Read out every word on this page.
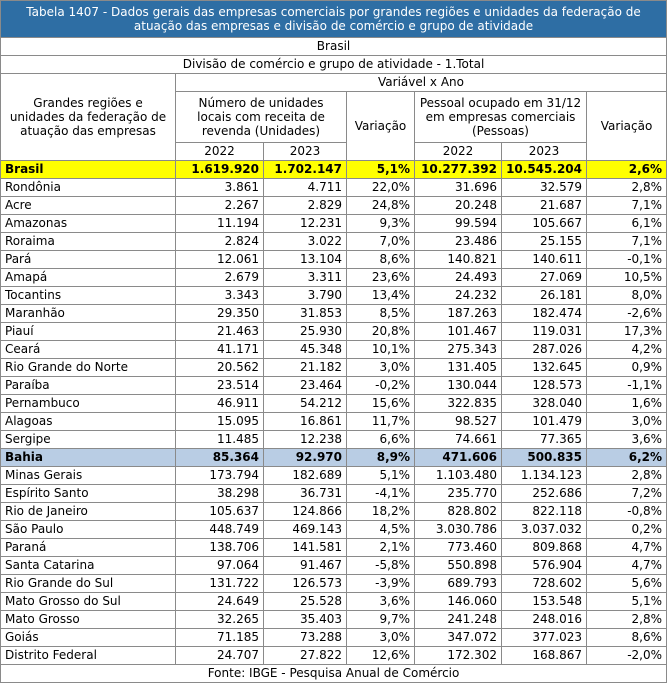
Tabela 1407 - Dados gerais das empresas comerciais por grandes regiões e unidades da federação de atuação das empresas e divisão de comércio e grupo de atividade						
Brasil						
Divisão de comércio e grupo de atividade - 1.Total						
Grandes regiões e unidades da federação de atuação das empresas	Variável x Ano					
	Número de unidades locais com receita de revenda (Unidades)		Variação	Pessoal ocupado em 31/12 em empresas comerciais (Pessoas)		Variação

	2022	2023		2022	2023	
Brasil	1.619.920	1.702.147	5,1%	10.277.392	10.545.204	2,6%
Rondônia	3.861	4.711	22,0%	31.696	32.579	2,8%
Acre	2.267	2.829	24,8%	20.248	21.687	7,1%
Amazonas	11.194	12.231	9,3%	99.594	105.667	6,1%
Roraima	2.824	3.022	7,0%	23.486	25.155	7,1%
Pará	12.061	13.104	8,6%	140.821	140.611	-0,1%
Amapá	2.679	3.311	23,6%	24.493	27.069	10,5%
Tocantins	3.343	3.790	13,4%	24.232	26.181	8,0%
Maranhão	29.350	31.853	8,5%	187.263	182.474	-2,6%
Piauí	21.463	25.930	20,8%	101.467	119.031	17,3%
Ceará	41.171	45.348	10,1%	275.343	287.026	4,2%
Rio Grande do Norte	20.562	21.182	3,0%	131.405	132.645	0,9%
Paraíba	23.514	23.464	-0,2%	130.044	128.573	-1,1%
Pernambuco	46.911	54.212	15,6%	322.835	328.040	1,6%
Alagoas	15.095	16.861	11,7%	98.527	101.479	3,0%
Sergipe	11.485	12.238	6,6%	74.661	77.365	3,6%
Bahia	85.364	92.970	8,9%	471.606	500.835	6,2%
Minas Gerais	173.794	182.689	5,1%	1.103.480	1.134.123	2,8%
Espírito Santo	38.298	36.731	-4,1%	235.770	252.686	7,2%
Rio de Janeiro	105.637	124.866	18,2%	828.802	822.118	-0,8%
São Paulo	448.749	469.143	4,5%	3.030.786	3.037.032	0,2%
Paraná	138.706	141.581	2,1%	773.460	809.868	4,7%
Santa Catarina	97.064	91.467	-5,8%	550.898	576.904	4,7%
Rio Grande do Sul	131.722	126.573	-3,9%	689.793	728.602	5,6%
Mato Grosso do Sul	24.649	25.528	3,6%	146.060	153.548	5,1%
Mato Grosso	32.265	35.403	9,7%	241.248	248.016	2,8%
Goiás	71.185	73.288	3,0%	347.072	377.023	8,6%
Distrito Federal	24.707	27.822	12,6%	172.302	168.867	-2,0%
Fonte: IBGE - Pesquisa Anual de Comércio						
